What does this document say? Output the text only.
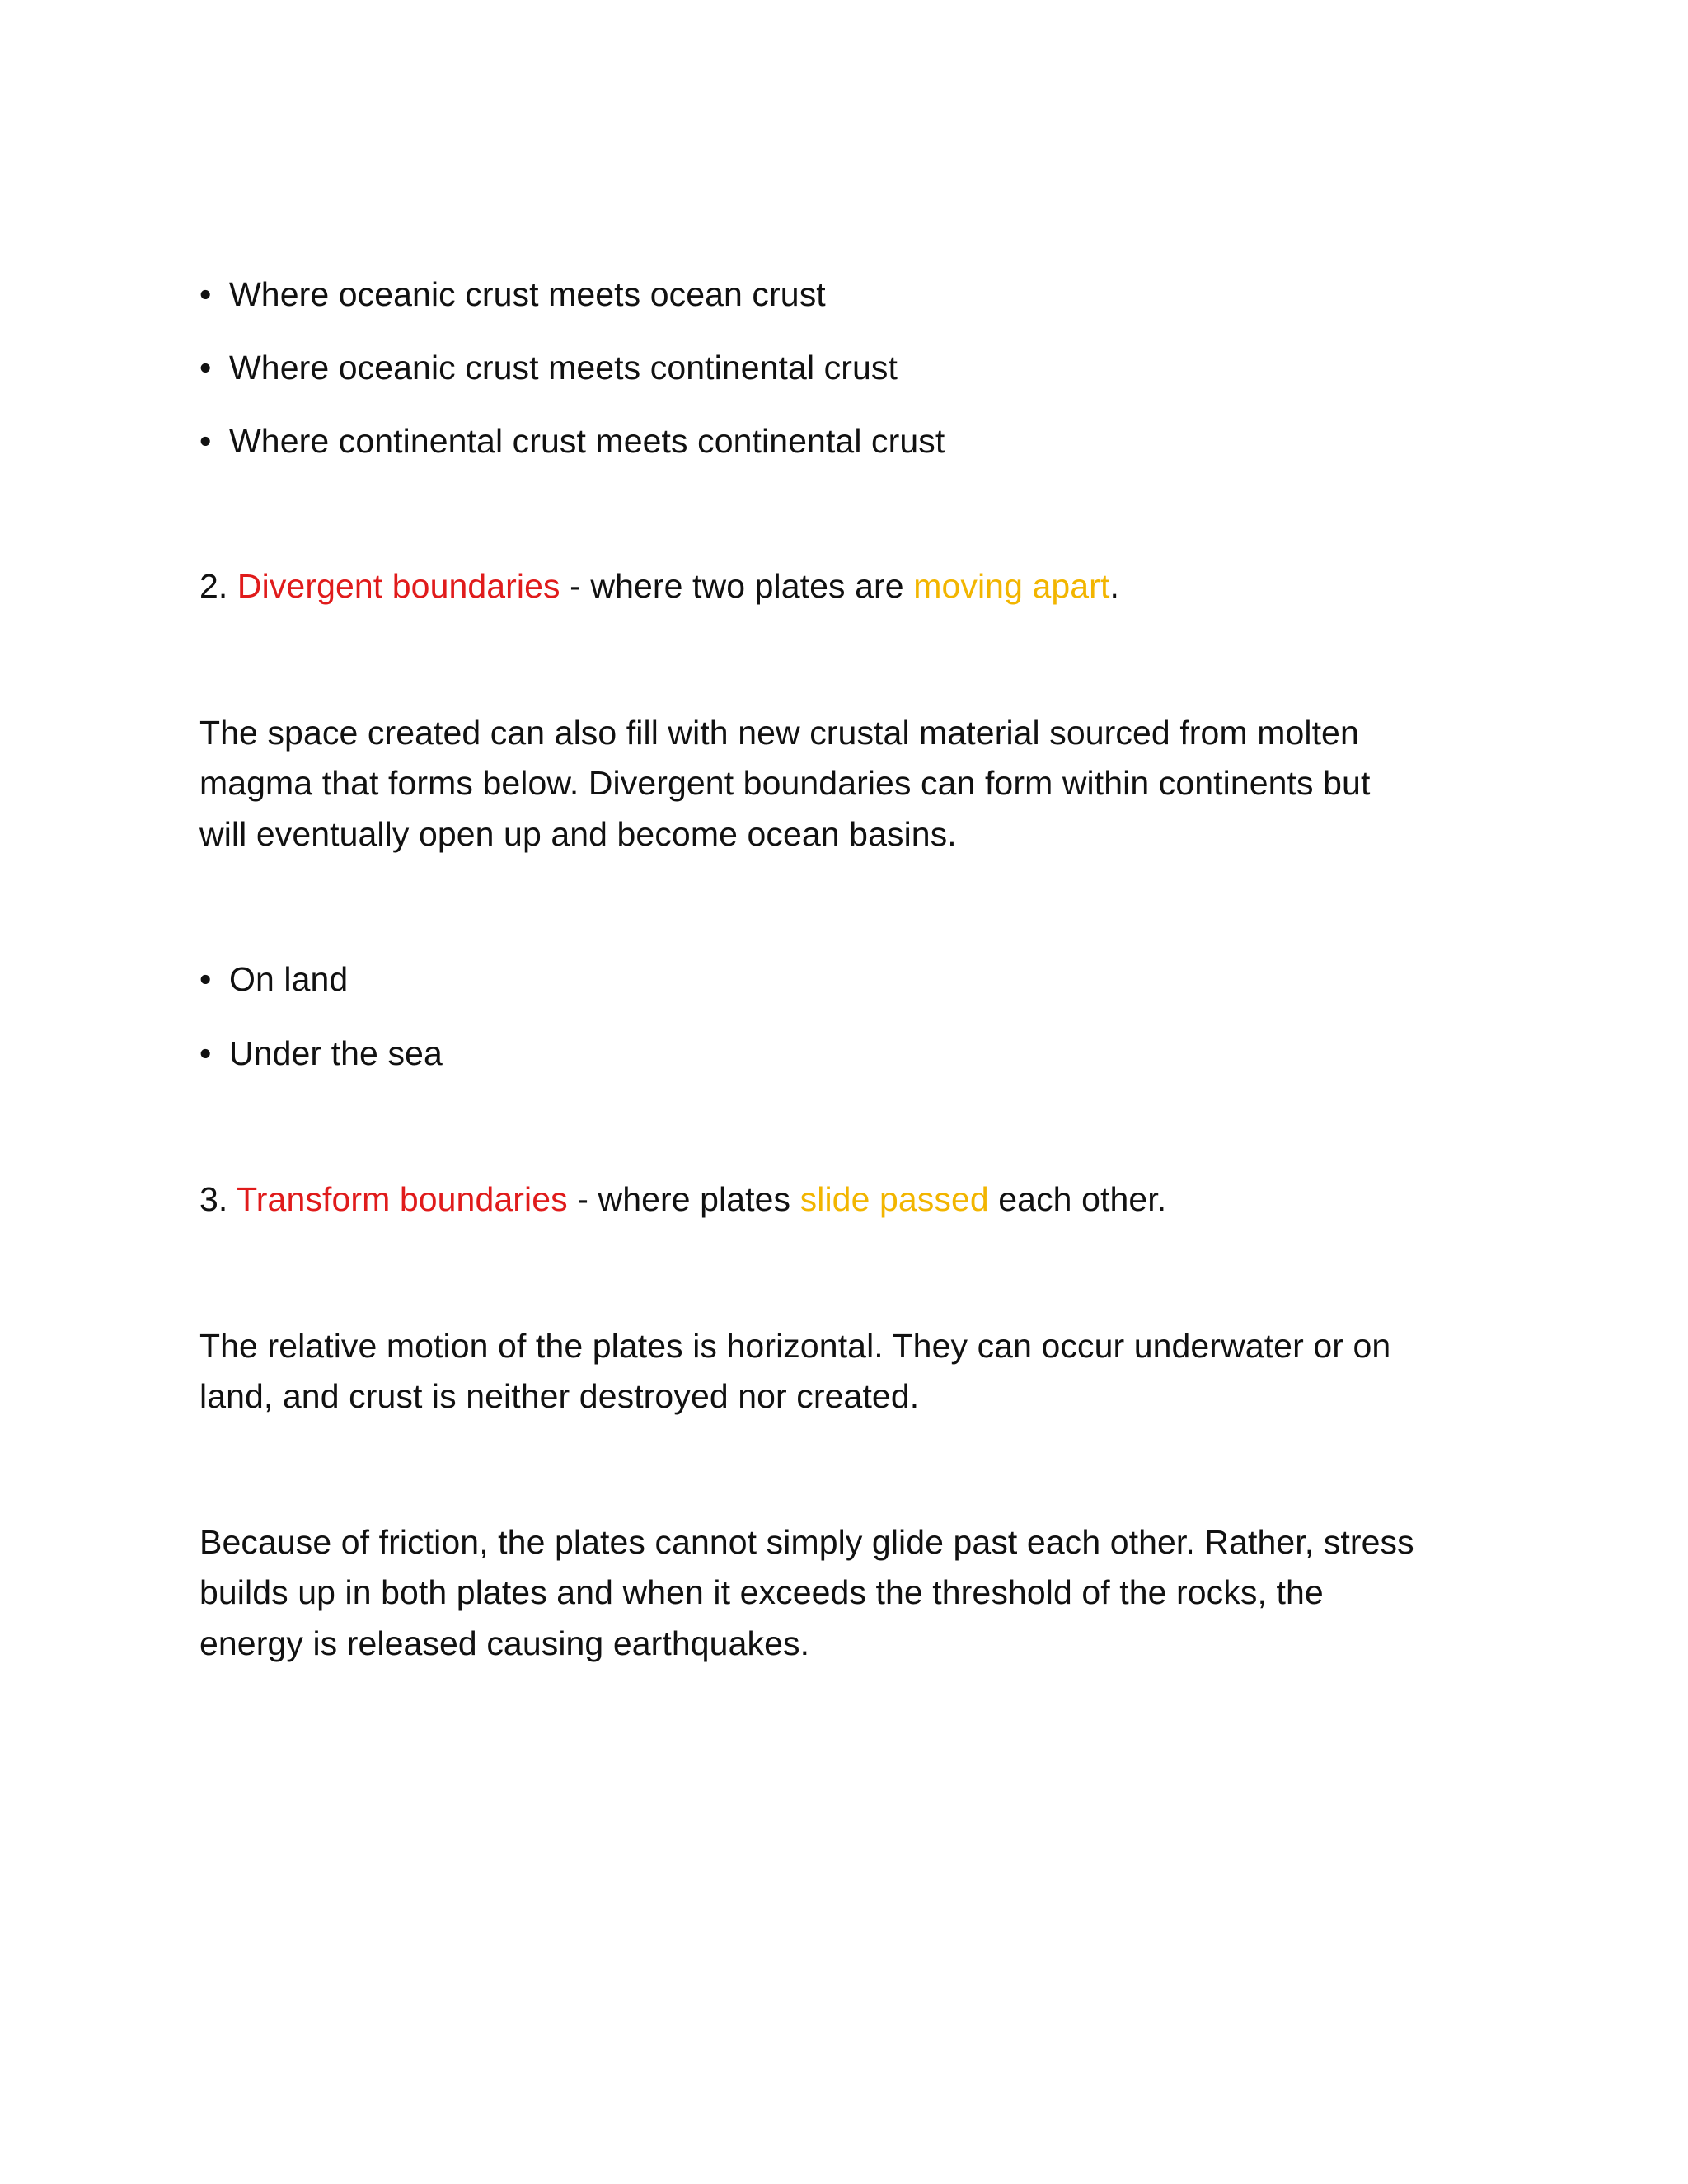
• Where oceanic crust meets ocean crust
• Where oceanic crust meets continental crust
• Where continental crust meets continental crust
2. Divergent boundaries - where two plates are moving apart.
The space created can also fill with new crustal material sourced from molten
magma that forms below. Divergent boundaries can form within continents but
will eventually open up and become ocean basins.
• On land
• Under the sea
3. Transform boundaries - where plates slide passed each other.
The relative motion of the plates is horizontal. They can occur underwater or on
land, and crust is neither destroyed nor created.
Because of friction, the plates cannot simply glide past each other. Rather, stress
builds up in both plates and when it exceeds the threshold of the rocks, the
energy is released causing earthquakes.
